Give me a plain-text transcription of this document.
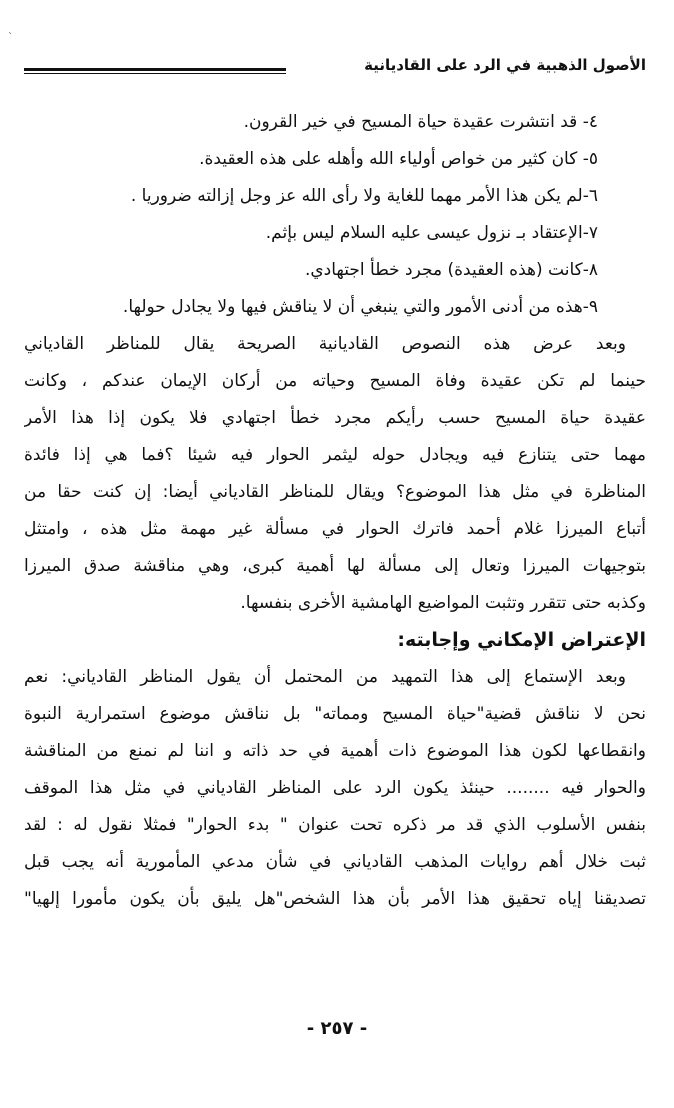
`
الأصول الذهبية في الرد على القاديانية
٤- قد انتشرت عقيدة حياة المسيح في خير القرون.
٥- كان كثير من خواص أولياء الله وأهله على هذه العقيدة.
٦-لم يكن هذا الأمر مهما للغاية ولا رأى الله عز وجل إزالته ضروريا .
٧-الإعتقاد بـ نزول عيسى عليه السلام ليس بإثم.
٨-كانت (هذه العقيدة) مجرد خطأ اجتهادي.
٩-هذه من أدنى الأمور والتي ينبغي أن لا يناقش فيها ولا يجادل حولها.
وبعد عرض هذه النصوص القاديانية الصريحة يقال للمناظر القادياني
حينما لم تكن عقيدة وفاة المسيح وحياته من أركان الإيمان عندكم ، وكانت
عقيدة حياة المسيح حسب رأيكم مجرد خطأ اجتهادي فلا يكون إذا هذا الأمر
مهما حتى يتنازع فيه ويجادل حوله ليثمر الحوار فيه شيئا ؟فما هي إذا فائدة
المناظرة في مثل هذا الموضوع؟ ويقال للمناظر القادياني أيضا: إن كنت حقا من
أتباع الميرزا غلام أحمد فاترك الحوار في مسألة غير مهمة مثل هذه ، وامتثل
بتوجيهات الميرزا وتعال إلى مسألة لها أهمية كبرى، وهي مناقشة صدق الميرزا
وكذبه حتى تتقرر وتثبت المواضيع الهامشية الأخرى بنفسها.
الإعتراض الإمكاني وإجابته:
وبعد الإستماع إلى هذا التمهيد من المحتمل أن يقول المناظر القادياني: نعم
نحن لا نناقش قضية"حياة المسيح ومماته" بل نناقش موضوع استمرارية النبوة
وانقطاعها لكون هذا الموضوع ذات أهمية في حد ذاته و اننا لم نمنع من المناقشة
والحوار فيه ........ حينئذ يكون الرد على المناظر القادياني في مثل هذا الموقف
بنفس الأسلوب الذي قد مر ذكره تحت عنوان " بدء الحوار" فمثلا نقول له : لقد
ثبت خلال أهم روايات المذهب القادياني في شأن مدعي المأمورية أنه يجب قبل
تصديقنا إياه تحقيق هذا الأمر بأن هذا الشخص"هل يليق بأن يكون مأمورا إلهيا"
- ٢٥٧ -
